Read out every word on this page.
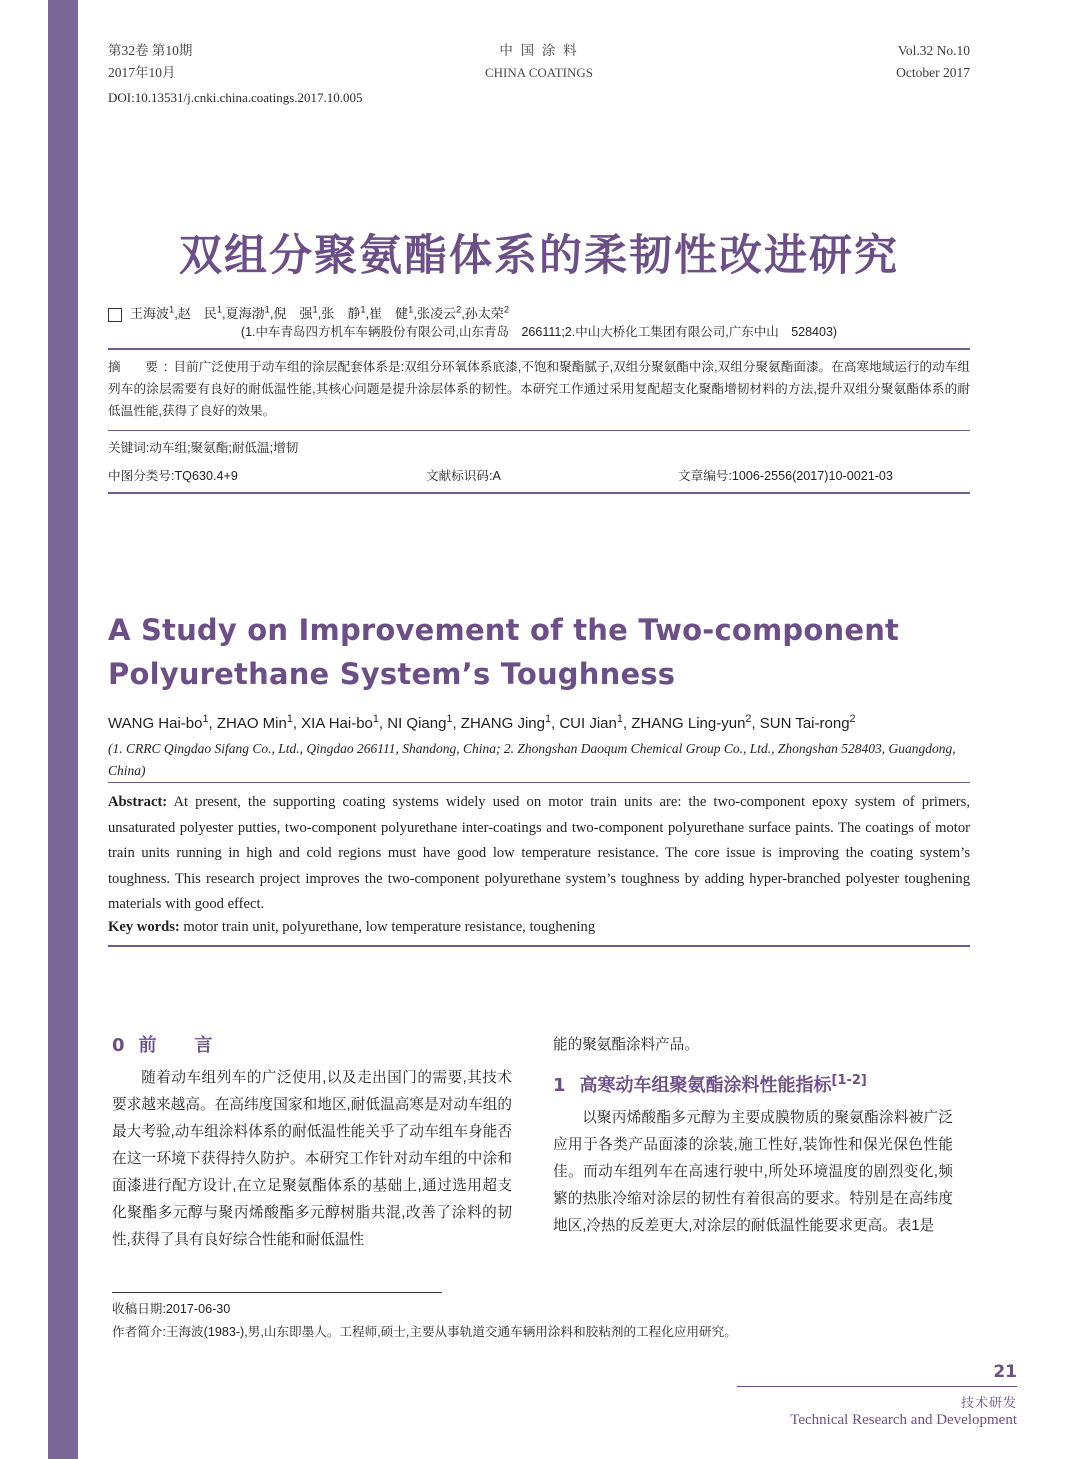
第32卷 第10期
2017年10月
中 国 涂 料
CHINA COATINGS
Vol.32 No.10
October 2017
DOI:10.13531/j.cnki.china.coatings.2017.10.005
双组分聚氨酯体系的柔韧性改进研究
王海波$^1$,赵　民$^1$,夏海渤$^1$,倪　强$^1$,张　静$^1$,崔　健$^1$,张凌云$^2$,孙太荣$^2$
(1.中车青岛四方机车车辆股份有限公司,山东青岛　266111;2.中山大桥化工集团有限公司,广东中山　528403)
摘　要:目前广泛使用于动车组的涂层配套体系是:双组分环氧体系底漆,不饱和聚酯腻子,双组分聚氨酯中涂,双组分聚氨酯面漆。在高寒地域运行的动车组列车的涂层需要有良好的耐低温性能,其核心问题是提升涂层体系的韧性。本研究工作通过采用复配超支化聚酯增韧材料的方法,提升双组分聚氨酯体系的耐低温性能,获得了良好的效果。
关键词:动车组;聚氨酯;耐低温;增韧
中图分类号:TQ630.4+9	文献标识码:A	文章编号:1006-2556(2017)10-0021-03
A Study on Improvement of the Two-component Polyurethane System’s Toughness
WANG Hai-$bo^1$, ZHAO Min$^1$, XIA Hai-$bo^1$, NI Qiang$^1$, ZHANG Jing$^1$, CUI Jian$^1$, ZHANG Ling-yun$^2$, SUN Tai-rong$^2$
(1. CRRC Qingdao Sifang Co., Ltd., Qingdao 266111, Shandong, China; 2. Zhongshan Daoqum Chemical Group Co., Ltd., Zhongshan 528403, Guangdong, China)
Abstract: At present, the supporting coating systems widely used on motor train units are: the two-component epoxy system of primers, unsaturated polyester putties, two-component polyurethane inter-coatings and two-component polyurethane surface paints. The coatings of motor train units running in high and cold regions must have good low temperature resistance. The core issue is improving the coating system’s toughness. This research project improves the two-component polyurethane system’s toughness by adding hyper-branched polyester toughening materials with good effect.
Key words: motor train unit, polyurethane, low temperature resistance, toughening
0 前　言
随着动车组列车的广泛使用,以及走出国门的需要,其技术要求越来越高。在高纬度国家和地区,耐低温高寒是对动车组的最大考验,动车组涂料体系的耐低温性能关乎了动车组车身能否在这一环境下获得持久防护。本研究工作针对动车组的中涂和面漆进行配方设计,在立足聚氨酯体系的基础上,通过选用超支化聚酯多元醇与聚丙烯酸酯多元醇树脂共混,改善了涂料的韧性,获得了具有良好综合性能和耐低温性
能的聚氨酯涂料产品。
1 高寒动车组聚氨酯涂料性能指标[1-2]
以聚丙烯酸酯多元醇为主要成膜物质的聚氨酯涂料被广泛应用于各类产品面漆的涂装,施工性好,装饰性和保光保色性能佳。而动车组列车在高速行驶中,所处环境温度的剧烈变化,频繁的热胀冷缩对涂层的韧性有着很高的要求。特别是在高纬度地区,冷热的反差更大,对涂层的耐低温性能要求更高。表1是
收稿日期:2017-06-30
作者简介:王海波(1983-),男,山东即墨人。工程师,硕士,主要从事轨道交通车辆用涂料和胶粘剂的工程化应用研究。
21
技术研发
Technical Research and Development
